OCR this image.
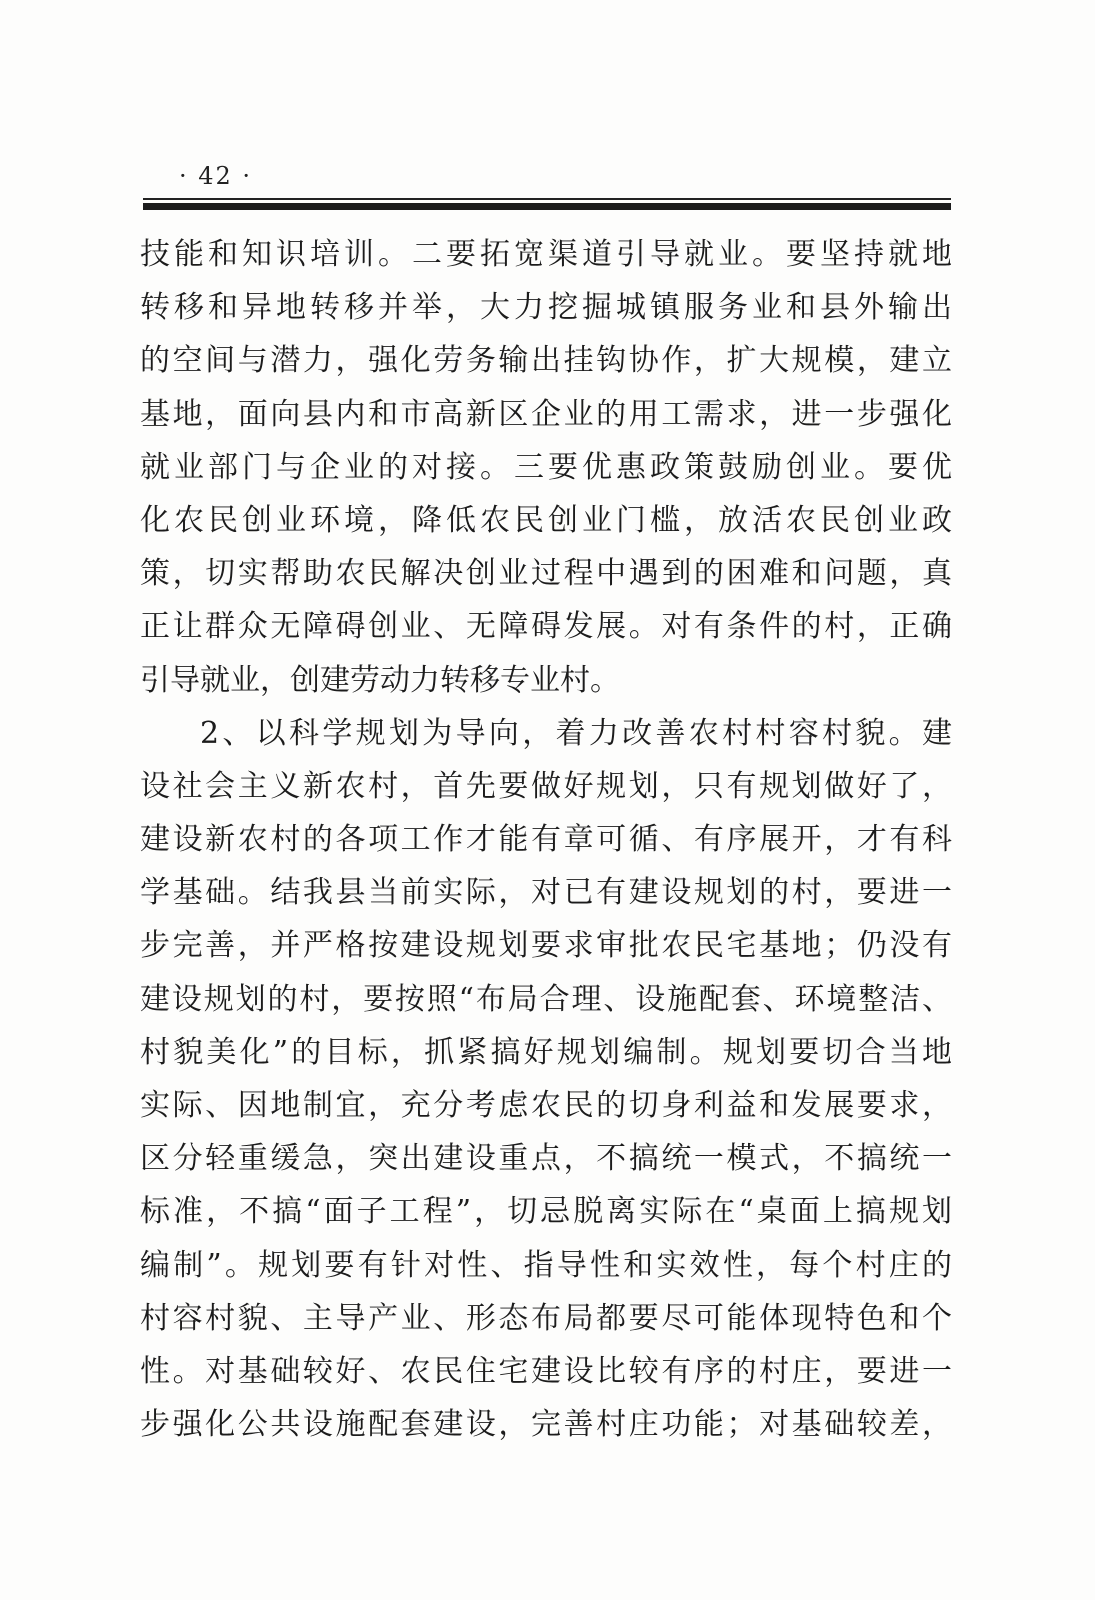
· 42 ·
技能和知识培训。二要拓宽渠道引导就业。要坚持就地
转移和异地转移并举，大力挖掘城镇服务业和县外输出
的空间与潜力，强化劳务输出挂钩协作，扩大规模，建立
基地，面向县内和市高新区企业的用工需求，进一步强化
就业部门与企业的对接。三要优惠政策鼓励创业。要优
化农民创业环境，降低农民创业门槛，放活农民创业政
策，切实帮助农民解决创业过程中遇到的困难和问题，真
正让群众无障碍创业、无障碍发展。对有条件的村，正确
引导就业，创建劳动力转移专业村。
2、以科学规划为导向，着力改善农村村容村貌。建
设社会主义新农村，首先要做好规划，只有规划做好了，
建设新农村的各项工作才能有章可循、有序展开，才有科
学基础。结我县当前实际，对已有建设规划的村，要进一
步完善，并严格按建设规划要求审批农民宅基地；仍没有
建设规划的村，要按照“布局合理、设施配套、环境整洁、
村貌美化”的目标，抓紧搞好规划编制。规划要切合当地
实际、因地制宜，充分考虑农民的切身利益和发展要求，
区分轻重缓急，突出建设重点，不搞统一模式，不搞统一
标准，不搞“面子工程”，切忌脱离实际在“桌面上搞规划
编制”。规划要有针对性、指导性和实效性，每个村庄的
村容村貌、主导产业、形态布局都要尽可能体现特色和个
性。对基础较好、农民住宅建设比较有序的村庄，要进一
步强化公共设施配套建设，完善村庄功能；对基础较差，
